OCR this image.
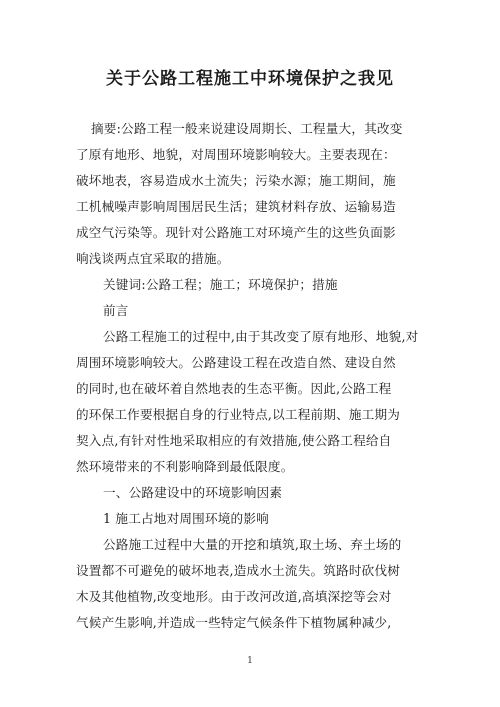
关于公路工程施工中环境保护之我见
摘要:公路工程一般来说建设周期长、工程量大，其改变
了原有地形、地貌，对周围环境影响较大。主要表现在：
破坏地表，容易造成水土流失；污染水源；施工期间，施
工机械噪声影响周围居民生活；建筑材料存放、运输易造
成空气污染等。现针对公路施工对环境产生的这些负面影
响浅谈两点宜采取的措施。
关键词:公路工程；施工；环境保护；措施
前言
公路工程施工的过程中,由于其改变了原有地形、地貌,对
周围环境影响较大。公路建设工程在改造自然、建设自然
的同时,也在破坏着自然地表的生态平衡。因此,公路工程
的环保工作要根据自身的行业特点,以工程前期、施工期为
契入点,有针对性地采取相应的有效措施,使公路工程给自
然环境带来的不利影响降到最低限度。
一、公路建设中的环境影响因素
1 施工占地对周围环境的影响
公路施工过程中大量的开挖和填筑,取土场、弃土场的
设置都不可避免的破坏地表,造成水土流失。筑路时砍伐树
木及其他植物,改变地形。由于改河改道,高填深挖等会对
气候产生影响,并造成一些特定气候条件下植物属种减少,
1
